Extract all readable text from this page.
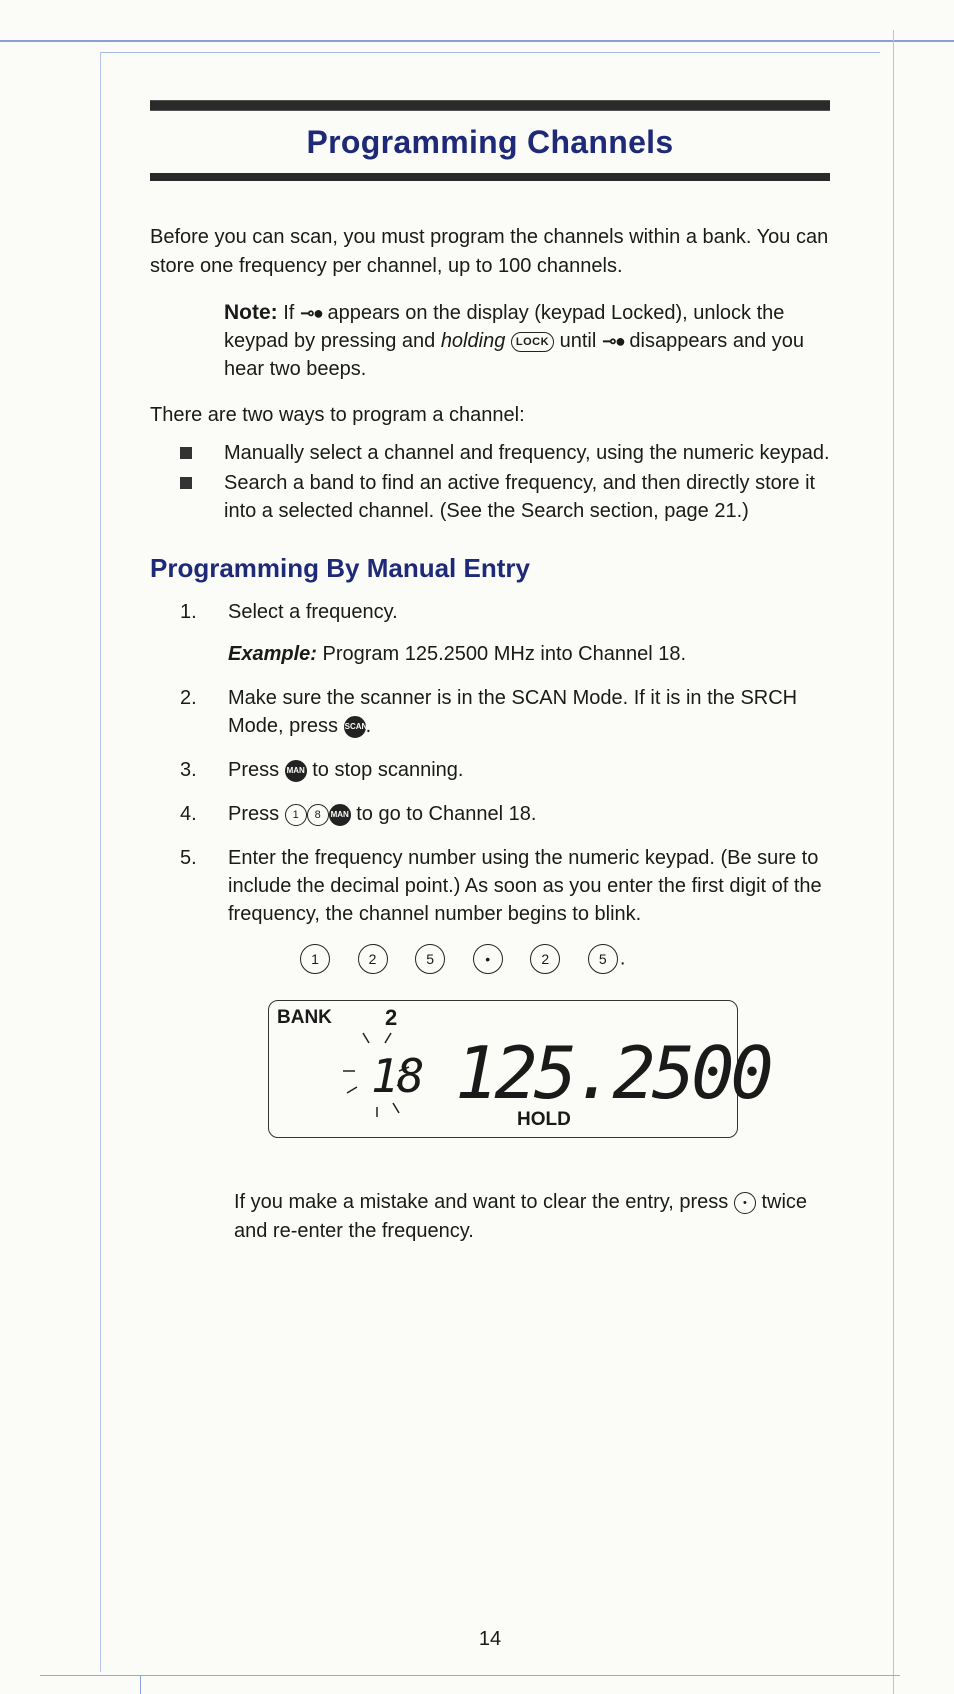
Programming Channels

Before you can scan, you must program the channels within a bank. You can store one frequency per channel, up to 100 channels.

Note: If ⊸● appears on the display (keypad Locked), unlock the keypad by pressing and holding LOCK until ⊸● disappears and you hear two beeps.

There are two ways to program a channel:

Manually select a channel and frequency, using the numeric keypad.
Search a band to find an active frequency, and then directly store it into a selected channel. (See the Search section, page 21.)
Programming By Manual Entry
1. Select a frequency.
Example: Program 125.2500 MHz into Channel 18.
2. Make sure the scanner is in the SCAN Mode. If it is in the SRCH Mode, press SCAN.
3. Press MAN to stop scanning.
4. Press 1 8 MAN to go to Channel 18.
5. Enter the frequency number using the numeric keypad. (Be sure to include the decimal point.) As soon as you enter the first digit of the frequency, the channel number begins to blink.
1	2	5	•	2	5 .
BANK 2
18 125.2500
HOLD

If you make a mistake and want to clear the entry, press • twice and re-enter the frequency.

14
